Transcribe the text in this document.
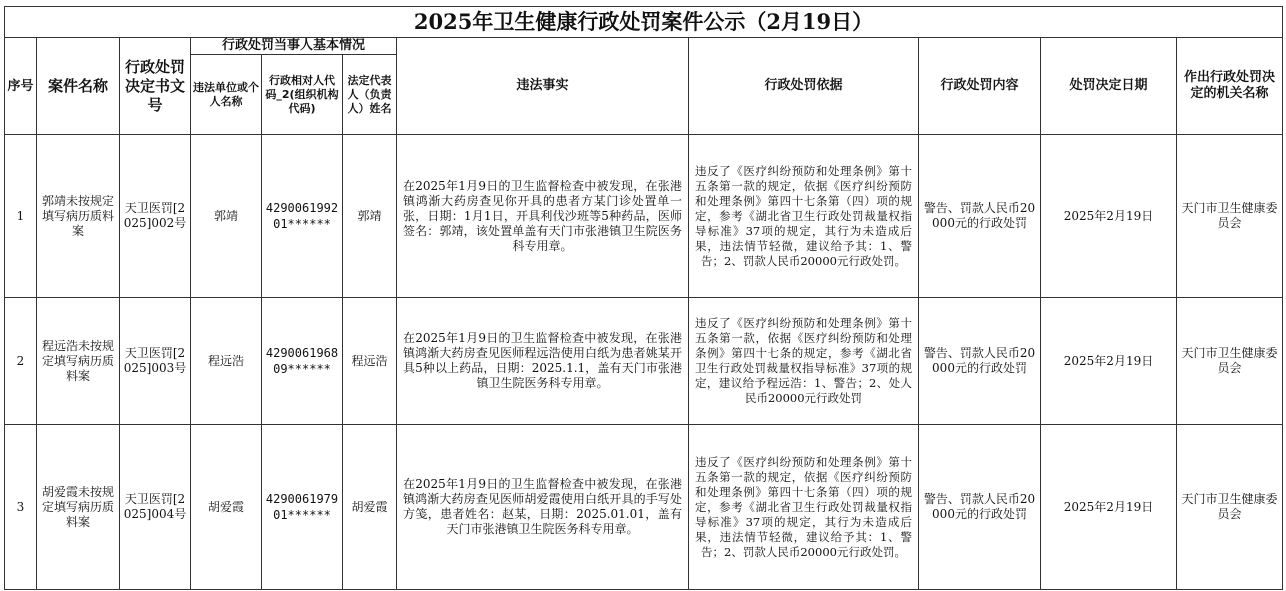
2025年卫生健康行政处罚案件公示（2月19日）										
序号	案件名称	行政处罚决定书文号	行政处罚当事人基本情况			违法事实	行政处罚依据	行政处罚内容	处罚决定日期	作出行政处罚决定的机关名称
			违法单位或个人名称	行政相对人代码_2(组织机构代码)	法定代表人（负责人）姓名					
1	郭靖未按规定填写病历质料案	天卫医罚[2025]002号	郭靖	429006199201******	郭靖	在2025年1月9日的卫生监督检查中被发现，在张港镇鸿渐大药房查见你开具的患者方某门诊处置单一张，日期：1月1日，开具利伐沙班等5种药品，医师签名：郭靖，该处置单盖有天门市张港镇卫生院医务科专用章。	违反了《医疗纠纷预防和处理条例》第十五条第一款的规定，依据《医疗纠纷预防和处理条例》第四十七条第（四）项的规定，参考《湖北省卫生行政处罚裁量权指导标准》37项的规定，其行为未造成后果，违法情节轻微，建议给予其：1、警告；2、罚款人民币20000元行政处罚。	警告、罚款人民币20000元的行政处罚	2025年2月19日	天门市卫生健康委员会
2	程远浩未按规定填写病历质料案	天卫医罚[2025]003号	程远浩	429006196809******	程远浩	在2025年1月9日的卫生监督检查中被发现，在张港镇鸿渐大药房查见医师程远浩使用白纸为患者姚某开具5种以上药品，日期：2025.1.1，盖有天门市张港镇卫生院医务科专用章。	违反了《医疗纠纷预防和处理条例》第十五条第一款，依据《医疗纠纷预防和处理条例》第四十七条的规定，参考《湖北省卫生行政处罚裁量权指导标准》37项的规定，建议给予程远浩：1、警告；2、处人民币20000元行政处罚	警告、罚款人民币20000元的行政处罚	2025年2月19日	天门市卫生健康委员会
3	胡爱霞未按规定填写病历质料案	天卫医罚[2025]004号	胡爱霞	429006197901******	胡爱霞	在2025年1月9日的卫生监督检查中被发现，在张港镇鸿渐大药房查见医师胡爱霞使用白纸开具的手写处方笺，患者姓名：赵某，日期：2025.01.01，盖有天门市张港镇卫生院医务科专用章。	违反了《医疗纠纷预防和处理条例》第十五条第一款的规定，依据《医疗纠纷预防和处理条例》第四十七条第（四）项的规定，参考《湖北省卫生行政处罚裁量权指导标准》37项的规定，其行为未造成后果，违法情节轻微，建议给予其：1、警告；2、罚款人民币20000元行政处罚。	警告、罚款人民币20000元的行政处罚	2025年2月19日	天门市卫生健康委员会
